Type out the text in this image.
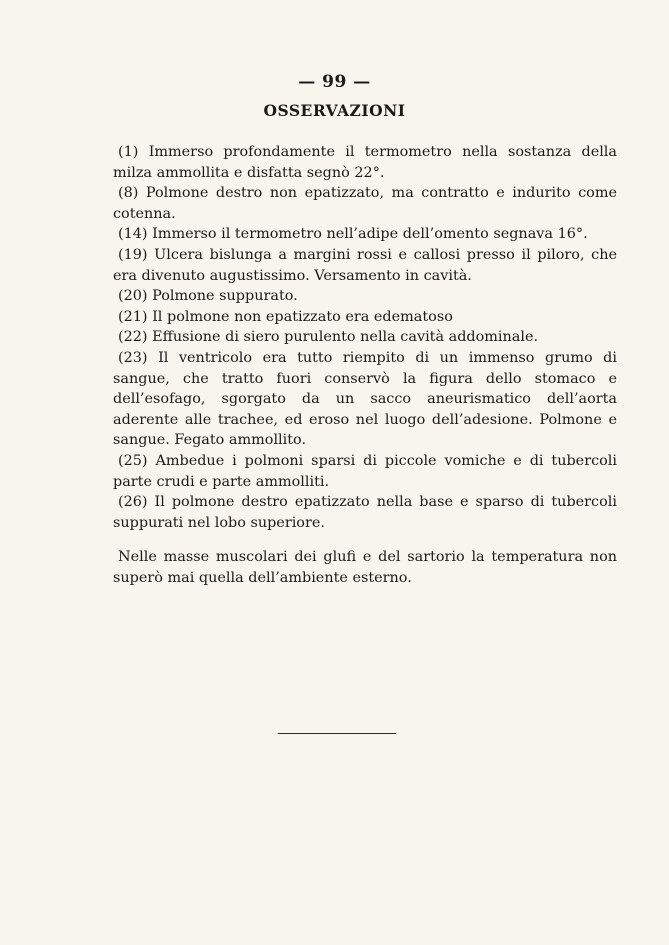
— 99 —
OSSERVAZIONI

(1) Immerso profondamente il termometro nella sostanza della milza ammollita e disfatta segnò 22°.

(8) Polmone destro non epatizzato, ma contratto e indurito come cotenna.

(14) Immerso il termometro nell’adipe dell’omento segnava 16°.

(19) Ulcera bislunga a margini rossi e callosi presso il piloro, che era divenuto augustissimo. Versamento in cavità.

(20) Polmone suppurato.

(21) Il polmone non epatizzato era edematoso

(22) Effusione di siero purulento nella cavità addominale.

(23) Il ventricolo era tutto riempito di un immenso grumo di sangue, che tratto fuori conservò la figura dello stomaco e dell’esofago, sgorgato da un sacco aneurismatico dell’aorta aderente alle trachee, ed eroso nel luogo dell’adesione. Polmone e sangue. Fegato ammollito.

(25) Ambedue i polmoni sparsi di piccole vomiche e di tubercoli parte crudi e parte ammolliti.

(26) Il polmone destro epatizzato nella base e sparso di tubercoli suppurati nel lobo superiore.

Nelle masse muscolari dei glufi e del sartorio la temperatura non superò mai quella dell’ambiente esterno.
